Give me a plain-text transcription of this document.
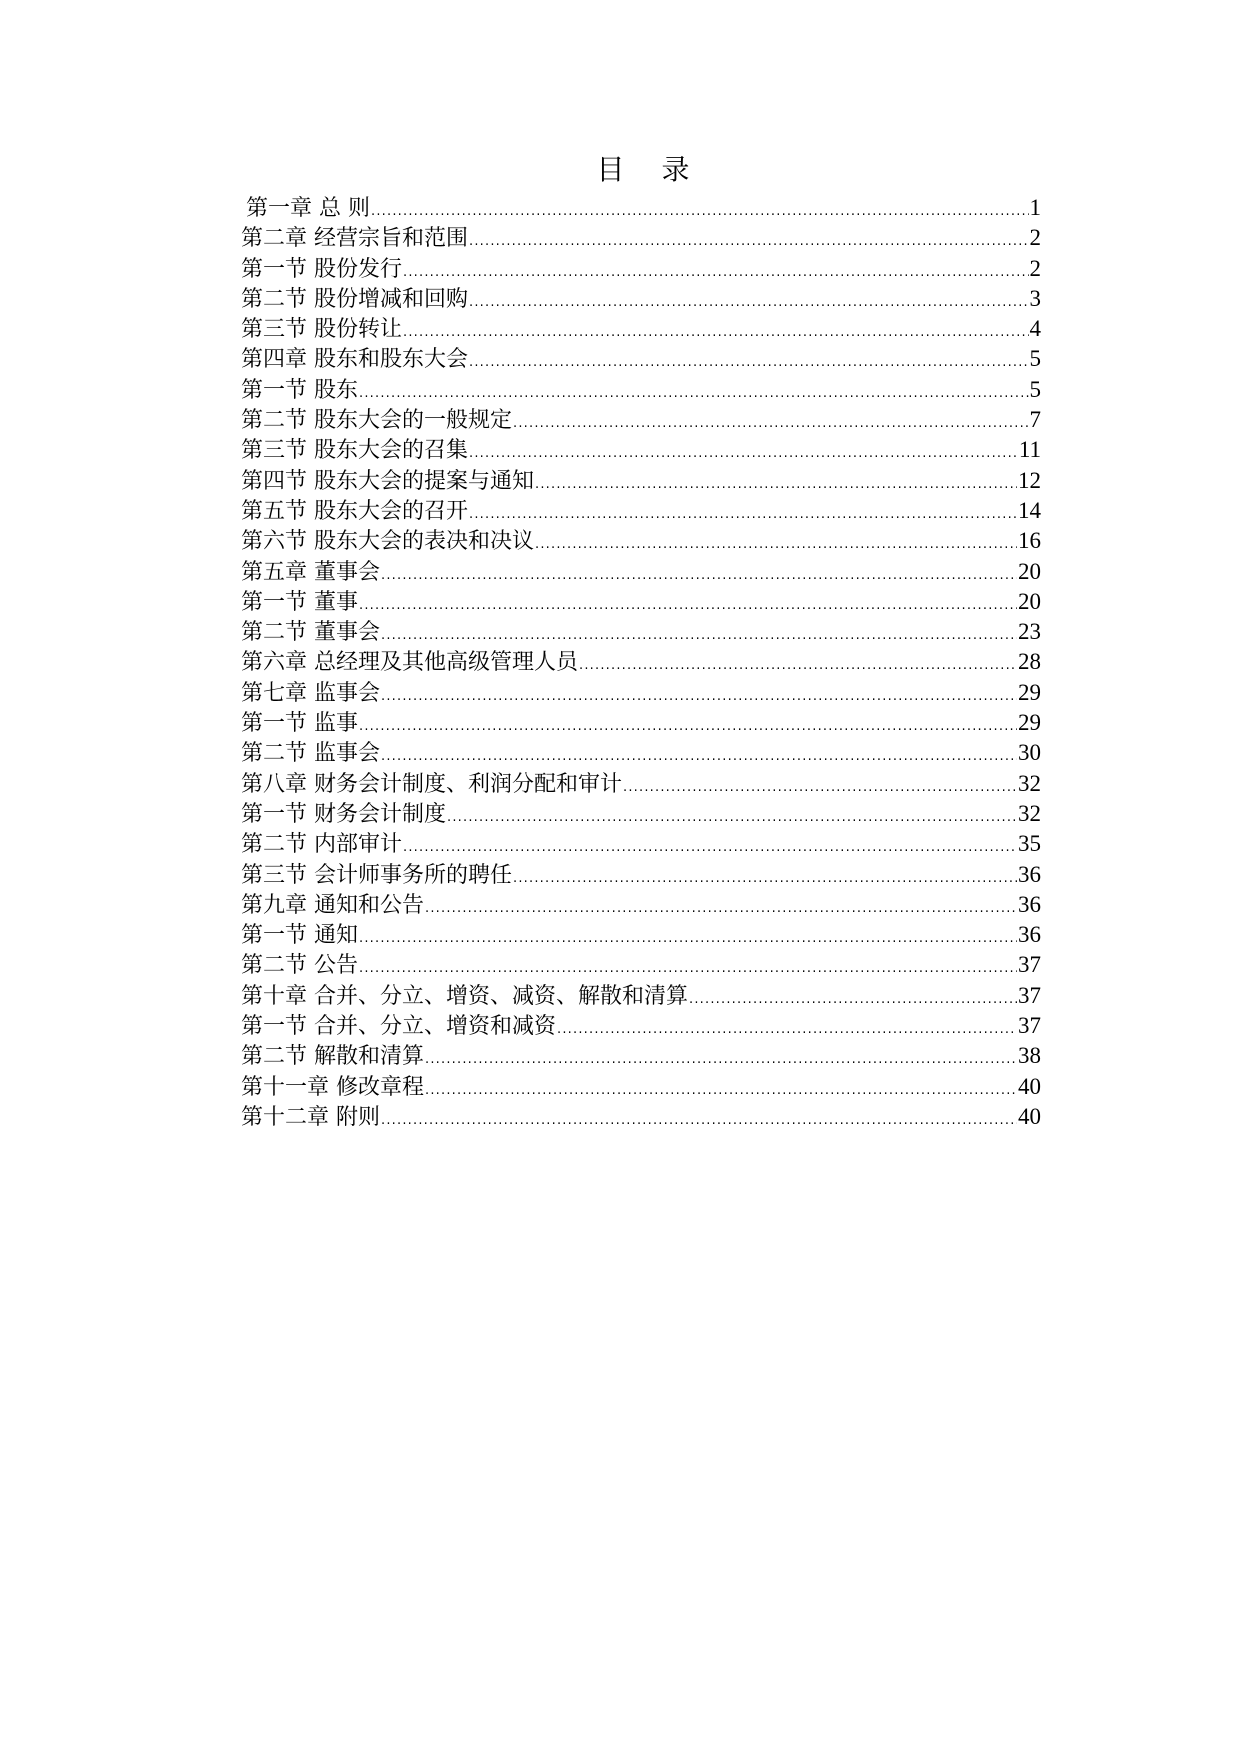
目 录
第一章 总 则 .....	1
第二章 经营宗旨和范围 .....	2
第一节 股份发行 .....	2
第二节 股份增减和回购 .....	3
第三节 股份转让 .....	4
第四章 股东和股东大会 .....	5
第一节 股东 .....	5
第二节 股东大会的一般规定 .....	7
第三节 股东大会的召集 .....	11
第四节 股东大会的提案与通知 .....	12
第五节 股东大会的召开 .....	14
第六节 股东大会的表决和决议 .....	16
第五章 董事会 .....	20
第一节 董事 .....	20
第二节 董事会 .....	23
第六章 总经理及其他高级管理人员 .....	28
第七章 监事会 .....	29
第一节 监事 .....	29
第二节 监事会 .....	30
第八章 财务会计制度、利润分配和审计 .....	32
第一节 财务会计制度 .....	32
第二节 内部审计 .....	35
第三节 会计师事务所的聘任 .....	36
第九章 通知和公告 .....	36
第一节 通知 .....	36
第二节 公告 .....	37
第十章 合并、分立、增资、减资、解散和清算 .....	37
第一节 合并、分立、增资和减资 .....	37
第二节 解散和清算 .....	38
第十一章 修改章程 .....	40
第十二章 附则 .....	40
